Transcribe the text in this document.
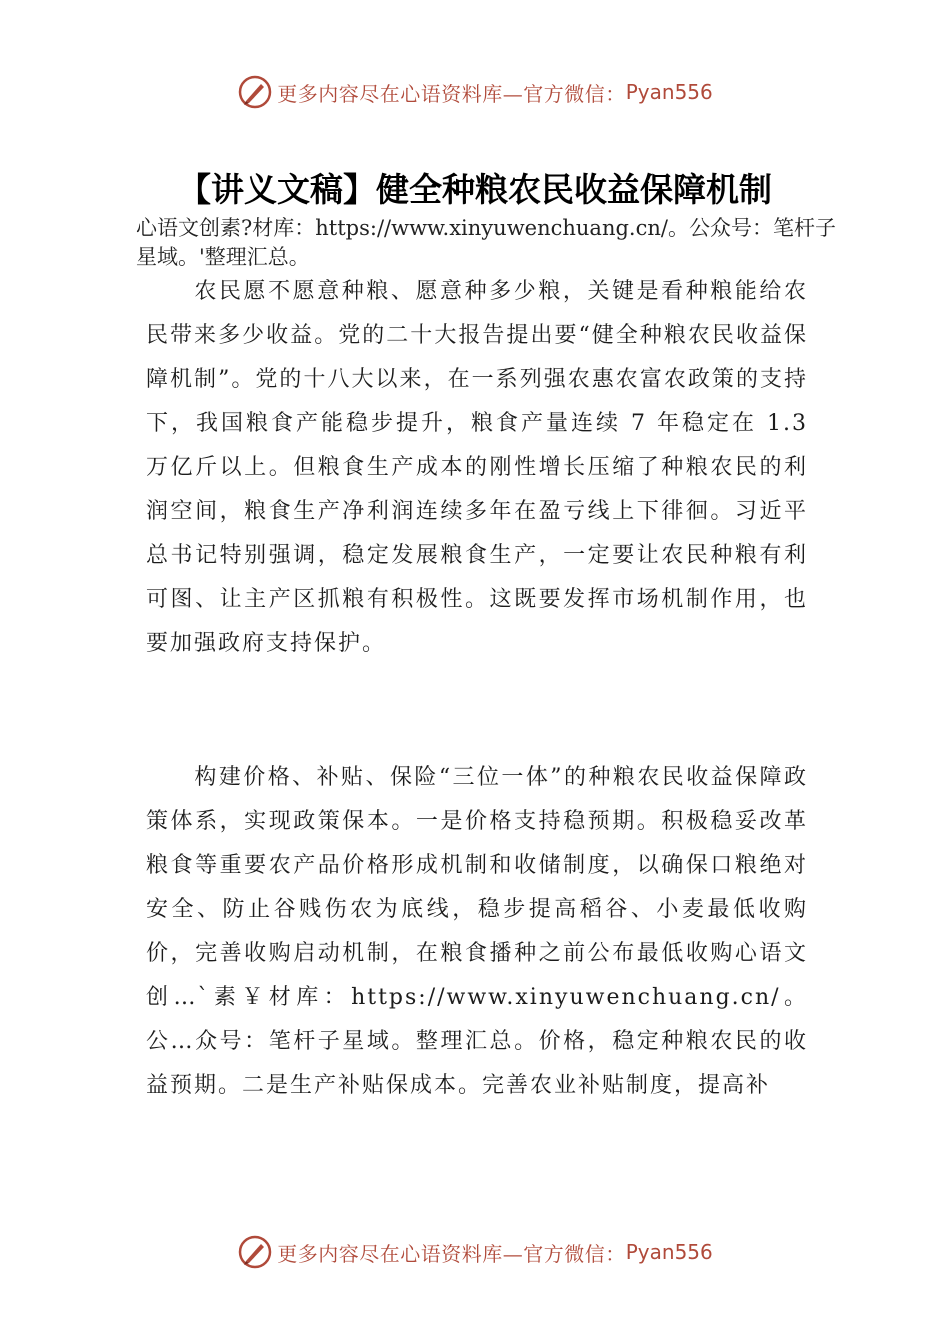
更多内容尽在心语资料库—官方微信： Pyan556
【讲义文稿】健全种粮农民收益保障机制
心语文创素?材库：https://www.xinyuwenchuang.cn/。公众号：笔杆子星域。'整理汇总。

农民愿不愿意种粮、愿意种多少粮，关键是看种粮能给农民带来多少收益。党的二十大报告提出要“健全种粮农民收益保障机制”。党的十八大以来，在一系列强农惠农富农政策的支持下，我国粮食产能稳步提升，粮食产量连续 7 年稳定在 1.3 万亿斤以上。但粮食生产成本的刚性增长压缩了种粮农民的利润空间，粮食生产净利润连续多年在盈亏线上下徘徊。习近平总书记特别强调，稳定发展粮食生产，一定要让农民种粮有利可图、让主产区抓粮有积极性。这既要发挥市场机制作用，也要加强政府支持保护。

构建价格、补贴、保险“三位一体”的种粮农民收益保障政策体系，实现政策保本。一是价格支持稳预期。积极稳妥改革粮食等重要农产品价格形成机制和收储制度，以确保口粮绝对安全、防止谷贱伤农为底线，稳步提高稻谷、小麦最低收购价，完善收购启动机制，在粮食播种之前公布最低收购心语文创…`素￥材库：https://www.xinyuwenchuang.cn/。公…众号：笔杆子星域。整理汇总。价格，稳定种粮农民的收益预期。二是生产补贴保成本。完善农业补贴制度，提高补

更多内容尽在心语资料库—官方微信： Pyan556
